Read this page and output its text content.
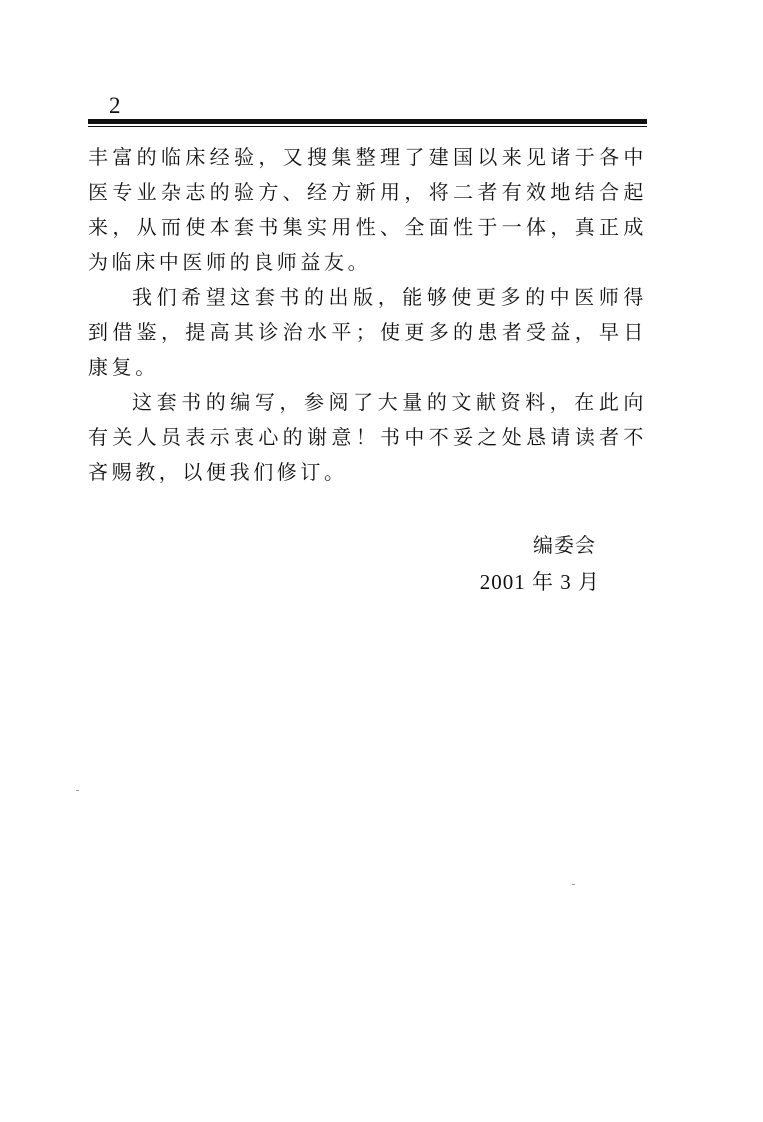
2

丰富的临床经验，又搜集整理了建国以来见诸于各中医专业杂志的验方、经方新用，将二者有效地结合起来，从而使本套书集实用性、全面性于一体，真正成为临床中医师的良师益友。

我们希望这套书的出版，能够使更多的中医师得到借鉴，提高其诊治水平；使更多的患者受益，早日康复。

这套书的编写，参阅了大量的文献资料，在此向有关人员表示衷心的谢意！书中不妥之处恳请读者不吝赐教，以便我们修订。

编委会
2001 年 3 月
